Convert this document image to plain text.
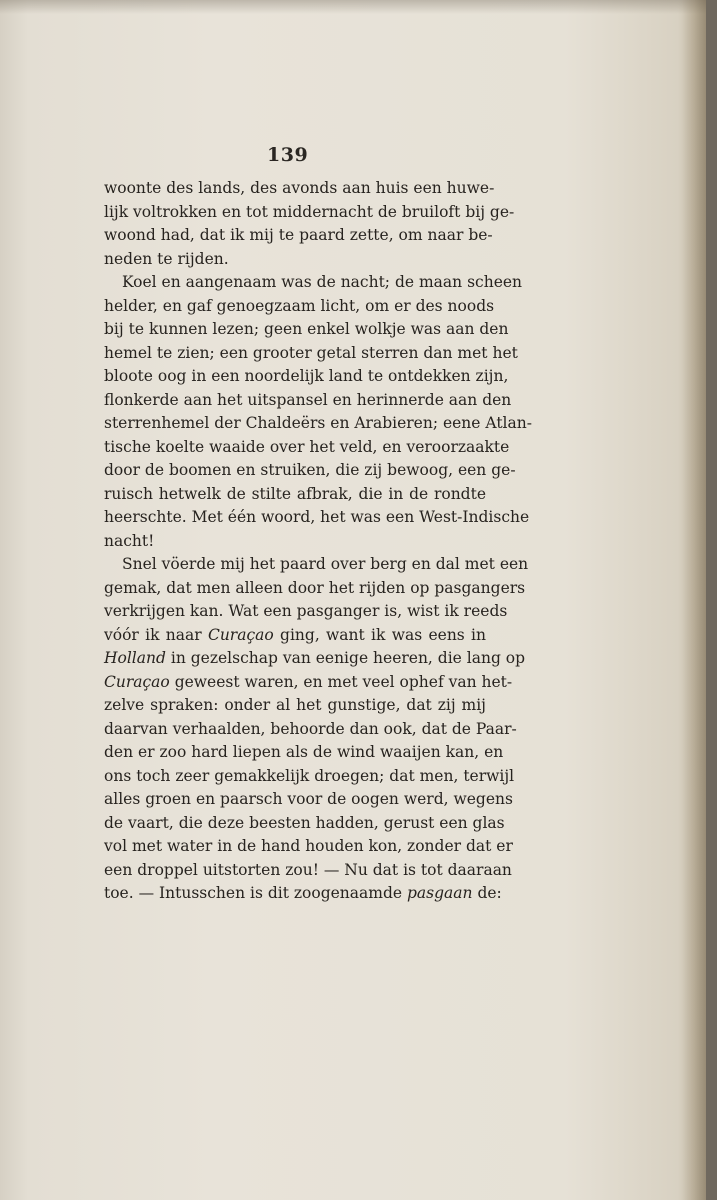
139
woonte des lands, des avonds aan huis een huwe-
lijk voltrokken en tot middernacht de bruiloft bij ge-
woond had, dat ik mij te paard zette, om naar be-
neden te rijden.
Koel en aangenaam was de nacht; de maan scheen
helder, en gaf genoegzaam licht, om er des noods
bij te kunnen lezen; geen enkel wolkje was aan den
hemel te zien; een grooter getal sterren dan met het
bloote oog in een noordelijk land te ontdekken zijn,
flonkerde aan het uitspansel en herinnerde aan den
sterrenhemel der Chaldeërs en Arabieren; eene Atlan-
tische koelte waaide over het veld, en veroorzaakte
door de boomen en struiken, die zij bewoog, een ge-
ruisch hetwelk de stilte afbrak, die in de rondte
heerschte. Met één woord, het was een West-Indische
nacht!
Snel vöerde mij het paard over berg en dal met een
gemak, dat men alleen door het rijden op pasgangers
verkrijgen kan. Wat een pasganger is, wist ik reeds
vóór ik naar Curaçao ging, want ik was eens in
Holland in gezelschap van eenige heeren, die lang op
Curaçao geweest waren, en met veel ophef van het-
zelve spraken: onder al het gunstige, dat zij mij
daarvan verhaalden, behoorde dan ook, dat de Paar-
den er zoo hard liepen als de wind waaijen kan, en
ons toch zeer gemakkelijk droegen; dat men, terwijl
alles groen en paarsch voor de oogen werd, wegens
de vaart, die deze beesten hadden, gerust een glas
vol met water in de hand houden kon, zonder dat er
een droppel uitstorten zou! — Nu dat is tot daaraan
toe. — Intusschen is dit zoogenaamde pasgaan de:
